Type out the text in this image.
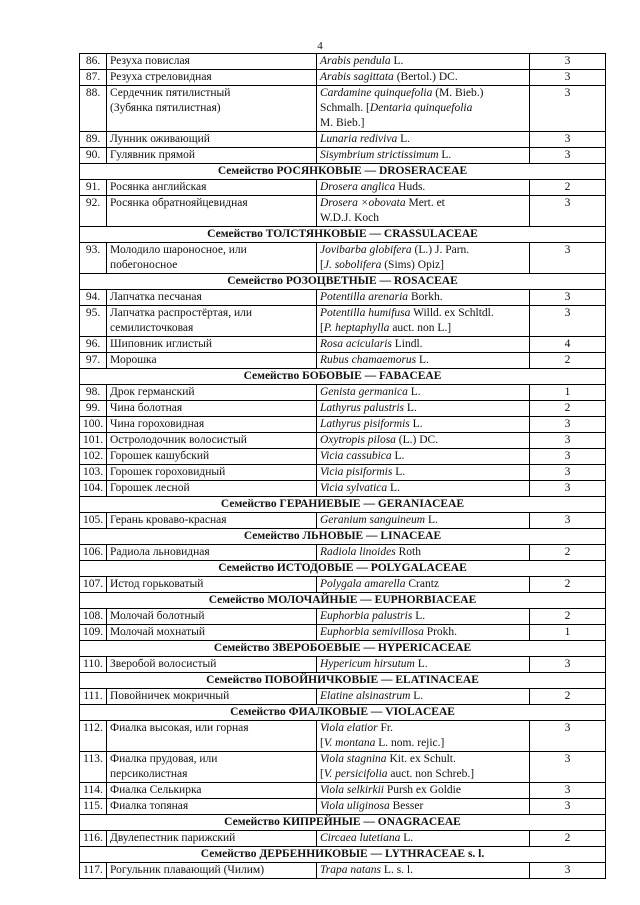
4
86.	Резуха повислая	Arabis pendula L.	3
87.	Резуха стреловидная	Arabis sagittata (Bertol.) DC.	3
88.	Сердечник пятилистный
(Зубянка пятилистная)	Cardamine quinquefolia (M. Bieb.)
Schmalh. [Dentaria quinquefolia
M. Bieb.]	3
89.	Лунник оживающий	Lunaria rediviva L.	3
90.	Гулявник прямой	Sisymbrium strictissimum L.	3
Семейство РОСЯНКОВЫЕ — DROSERACEAE			
91.	Росянка английская	Drosera anglica Huds.	2
92.	Росянка обратнояйцевидная	Drosera ×obovata Mert. et
W.D.J. Koch	3
Семейство ТОЛСТЯНКОВЫЕ — CRASSULACEAE			
93.	Молодило шароносное, или
побегоносное	Jovibarba globifera (L.) J. Parn.
[J. sobolifera (Sims) Opiz]	3
Семейство РОЗОЦВЕТНЫЕ — ROSACEAE			
94.	Лапчатка песчаная	Potentilla arenaria Borkh.	3
95.	Лапчатка распростёртая, или
семилисточковая	Potentilla humifusa Willd. ex Schltdl.
[P. heptaphylla auct. non L.]	3
96.	Шиповник иглистый	Rosa acicularis Lindl.	4
97.	Морошка	Rubus chamaemorus L.	2
Семейство БОБОВЫЕ — FABACEAE			
98.	Дрок германский	Genista germanica L.	1
99.	Чина болотная	Lathyrus palustris L.	2
100.	Чина гороховидная	Lathyrus pisiformis L.	3
101.	Остролодочник волосистый	Oxytropis pilosa (L.) DC.	3
102.	Горошек кашубский	Vicia cassubica L.	3
103.	Горошек гороховидный	Vicia pisiformis L.	3
104.	Горошек лесной	Vicia sylvatica L.	3
Семейство ГЕРАНИЕВЫЕ — GERANIACEAE			
105.	Герань кроваво-красная	Geranium sanguineum L.	3
Семейство ЛЬНОВЫЕ — LINACEAE			
106.	Радиола льновидная	Radiola linoides Roth	2
Семейство ИСТОДОВЫЕ — POLYGALACEAE			
107.	Истод горьковатый	Polygala amarella Crantz	2
Семейство МОЛОЧАЙНЫЕ — EUPHORBIACEAE			
108.	Молочай болотный	Euphorbia palustris L.	2
109.	Молочай мохнатый	Euphorbia semivillosa Prokh.	1
Семейство ЗВЕРОБОЕВЫЕ — HYPERICACEAE			
110.	Зверобой волосистый	Hypericum hirsutum L.	3
Семейство ПОВОЙНИЧКОВЫЕ — ELATINACEAE			
111.	Повойничек мокричный	Elatine alsinastrum L.	2
Семейство ФИАЛКОВЫЕ — VIOLACEAE			
112.	Фиалка высокая, или горная	Viola elatior Fr.
[V. montana L. nom. rejic.]	3
113.	Фиалка прудовая, или
персиколистная	Viola stagnina Kit. ex Schult.
[V. persicifolia auct. non Schreb.]	3
114.	Фиалка Селькирка	Viola selkirkii Pursh ex Goldie	3
115.	Фиалка топяная	Viola uliginosa Besser	3
Семейство КИПРЕЙНЫЕ — ONAGRACEAE			
116.	Двулепестник парижский	Circaea lutetiana L.	2
Семейство ДЕРБЕННИКОВЫЕ — LYTHRACEAE s. l.			
117.	Рогульник плавающий (Чилим)	Trapa natans L. s. l.	3
